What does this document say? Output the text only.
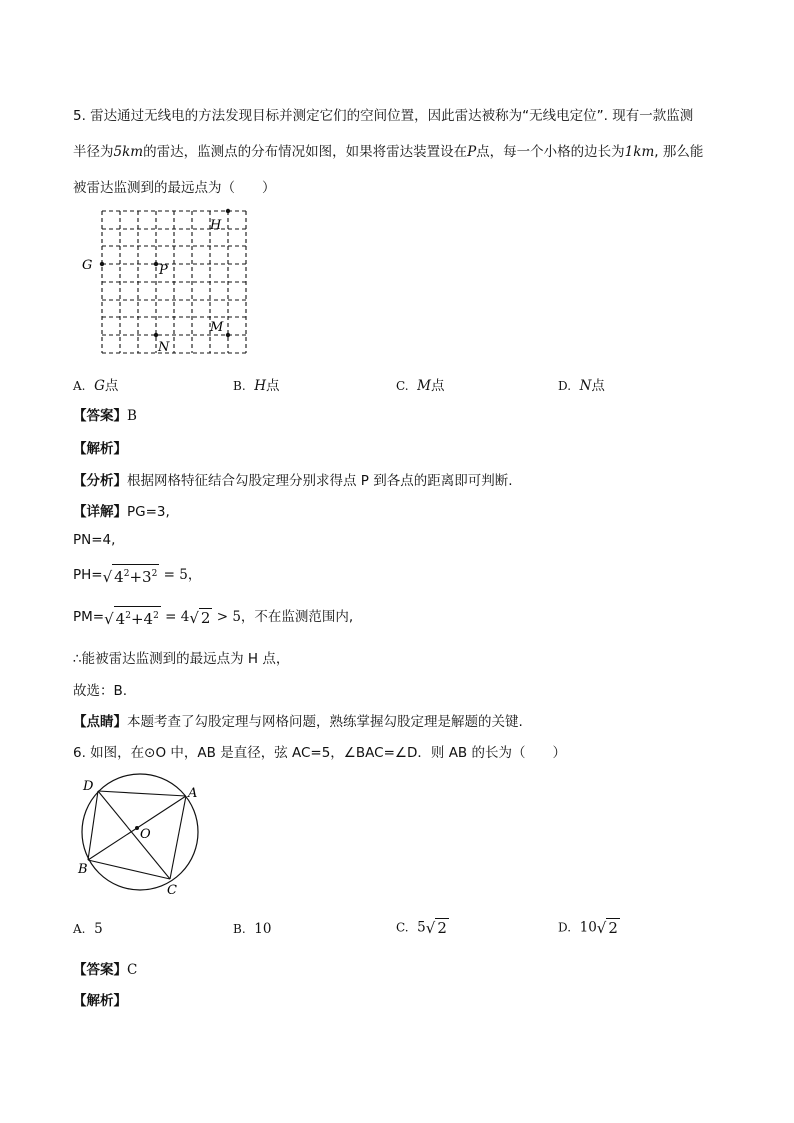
5. 雷达通过无线电的方法发现目标并测定它们的空间位置，因此雷达被称为“无线电定位”. 现有一款监测
半径为5km的雷达，监测点的分布情况如图，如果将雷达装置设在P点，每一个小格的边长为1km, 那么能
被雷达监测到的最远点为（　　）
G	P
H
M
N
A. G点	B. H点	C. M点	D. N点
【答案】B
【解析】
【分析】根据网格特征结合勾股定理分别求得点 P 到各点的距离即可判断.
【详解】PG=3,
PN=4,
PH=√ $4^2+3^2 = 5$，
PM=√ $4^2+4^2 = 4√$ 2 > 5，不在监测范围内,
∴能被雷达监测到的最远点为 H 点，
故选：B.
【点睛】本题考查了勾股定理与网格问题，熟练掌握勾股定理是解题的关键.
6. 如图，在⊙O 中，AB 是直径，弦 AC=5，∠BAC=∠D．则 AB 的长为（　　）
D	A
O
B
C
A. 5	B. 10	C. 5√ 2	D. 10√ 2
【答案】C
【解析】
